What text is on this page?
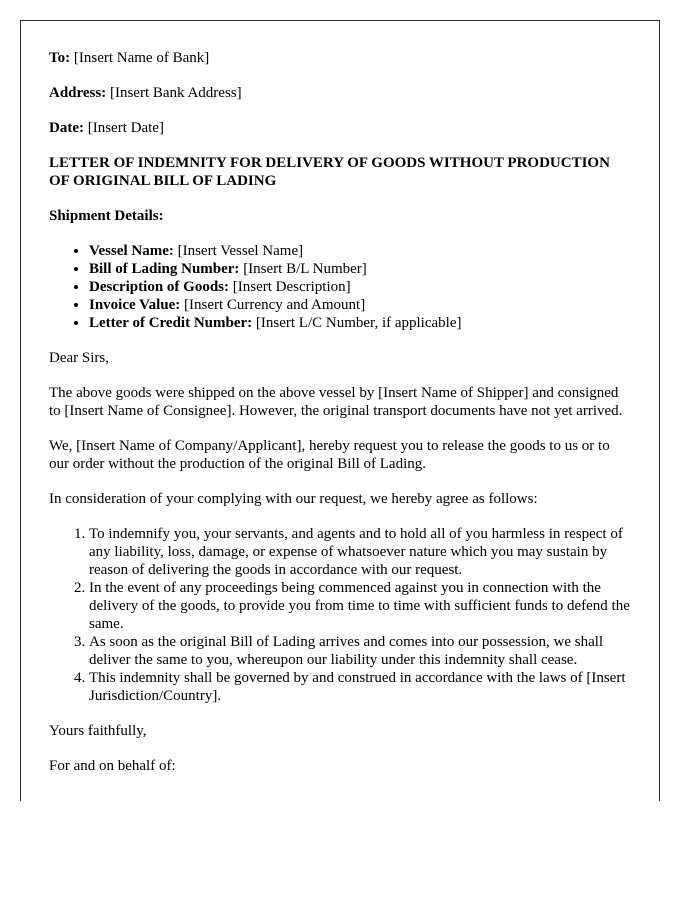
To: [Insert Name of Bank]

Address: [Insert Bank Address]

Date: [Insert Date]

LETTER OF INDEMNITY FOR DELIVERY OF GOODS WITHOUT PRODUCTION OF ORIGINAL BILL OF LADING

Shipment Details:

• Vessel Name: [Insert Vessel Name]
• Bill of Lading Number: [Insert B/L Number]
• Description of Goods: [Insert Description]
• Invoice Value: [Insert Currency and Amount]
• Letter of Credit Number: [Insert L/C Number, if applicable]

Dear Sirs,

The above goods were shipped on the above vessel by [Insert Name of Shipper] and consigned to [Insert Name of Consignee]. However, the original transport documents have not yet arrived.

We, [Insert Name of Company/Applicant], hereby request you to release the goods to us or to our order without the production of the original Bill of Lading.

In consideration of your complying with our request, we hereby agree as follows:

1. To indemnify you, your servants, and agents and to hold all of you harmless in respect of any liability, loss, damage, or expense of whatsoever nature which you may sustain by reason of delivering the goods in accordance with our request.
2. In the event of any proceedings being commenced against you in connection with the delivery of the goods, to provide you from time to time with sufficient funds to defend the same.
3. As soon as the original Bill of Lading arrives and comes into our possession, we shall deliver the same to you, whereupon our liability under this indemnity shall cease.
4. This indemnity shall be governed by and construed in accordance with the laws of [Insert Jurisdiction/Country].

Yours faithfully,

For and on behalf of:
